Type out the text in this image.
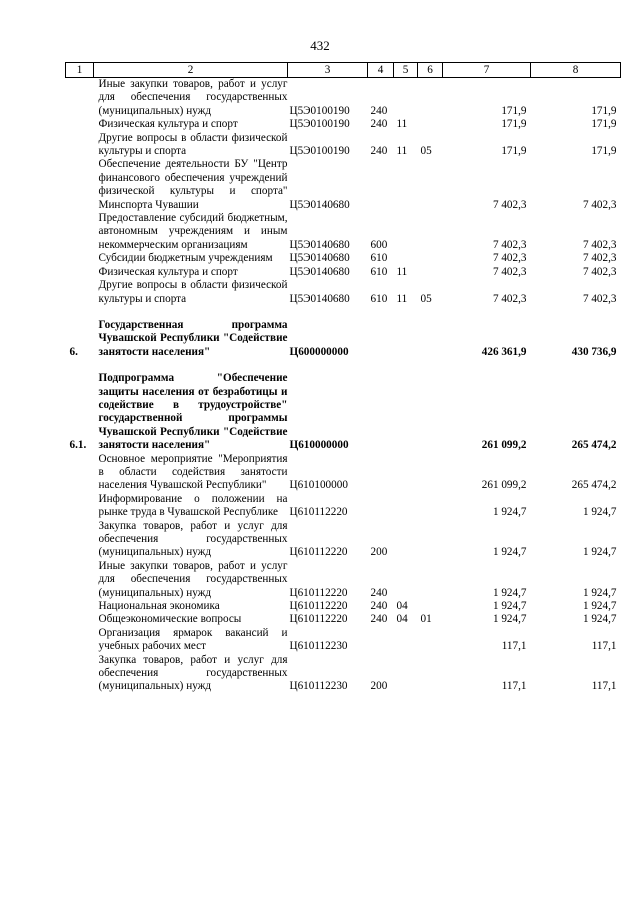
432
1	2	3	4	5	6	7	8
	Иные закупки товаров, работ и услуг для обеспечения государственных (муниципальных) нужд	Ц5Э0100190	240			171,9	171,9
	Физическая культура и спорт	Ц5Э0100190	240	11		171,9	171,9
	Другие вопросы в области физической культуры и спорта	Ц5Э0100190	240	11	05	171,9	171,9
	Обеспечение деятельности БУ "Центр финансового обеспечения учреждений физической культуры и спорта" Минспорта Чувашии	Ц5Э0140680				7 402,3	7 402,3
	Предоставление субсидий бюджетным, автономным учреждениям и иным некоммерческим организациям	Ц5Э0140680	600			7 402,3	7 402,3
	Субсидии бюджетным учреждениям	Ц5Э0140680	610			7 402,3	7 402,3
	Физическая культура и спорт	Ц5Э0140680	610	11		7 402,3	7 402,3
	Другие вопросы в области физической культуры и спорта	Ц5Э0140680	610	11	05	7 402,3	7 402,3

6.	Государственная программа Чувашской Республики "Содействие занятости населения"	Ц600000000				426 361,9	430 736,9

6.1.	Подпрограмма "Обеспечение защиты населения от безработицы и содействие в трудоустройстве" государственной программы Чувашской Республики "Содействие занятости населения"	Ц610000000				261 099,2	265 474,2
	Основное мероприятие "Мероприятия в области содействия занятости населения Чувашской Республики"	Ц610100000				261 099,2	265 474,2
	Информирование о положении на рынке труда в Чувашской Республике	Ц610112220				1 924,7	1 924,7
	Закупка товаров, работ и услуг для обеспечения государственных (муниципальных) нужд	Ц610112220	200			1 924,7	1 924,7
	Иные закупки товаров, работ и услуг для обеспечения государственных (муниципальных) нужд	Ц610112220	240			1 924,7	1 924,7
	Национальная экономика	Ц610112220	240	04		1 924,7	1 924,7
	Общеэкономические вопросы	Ц610112220	240	04	01	1 924,7	1 924,7
	Организация ярмарок вакансий и учебных рабочих мест	Ц610112230				117,1	117,1
	Закупка товаров, работ и услуг для обеспечения государственных (муниципальных) нужд	Ц610112230	200			117,1	117,1
